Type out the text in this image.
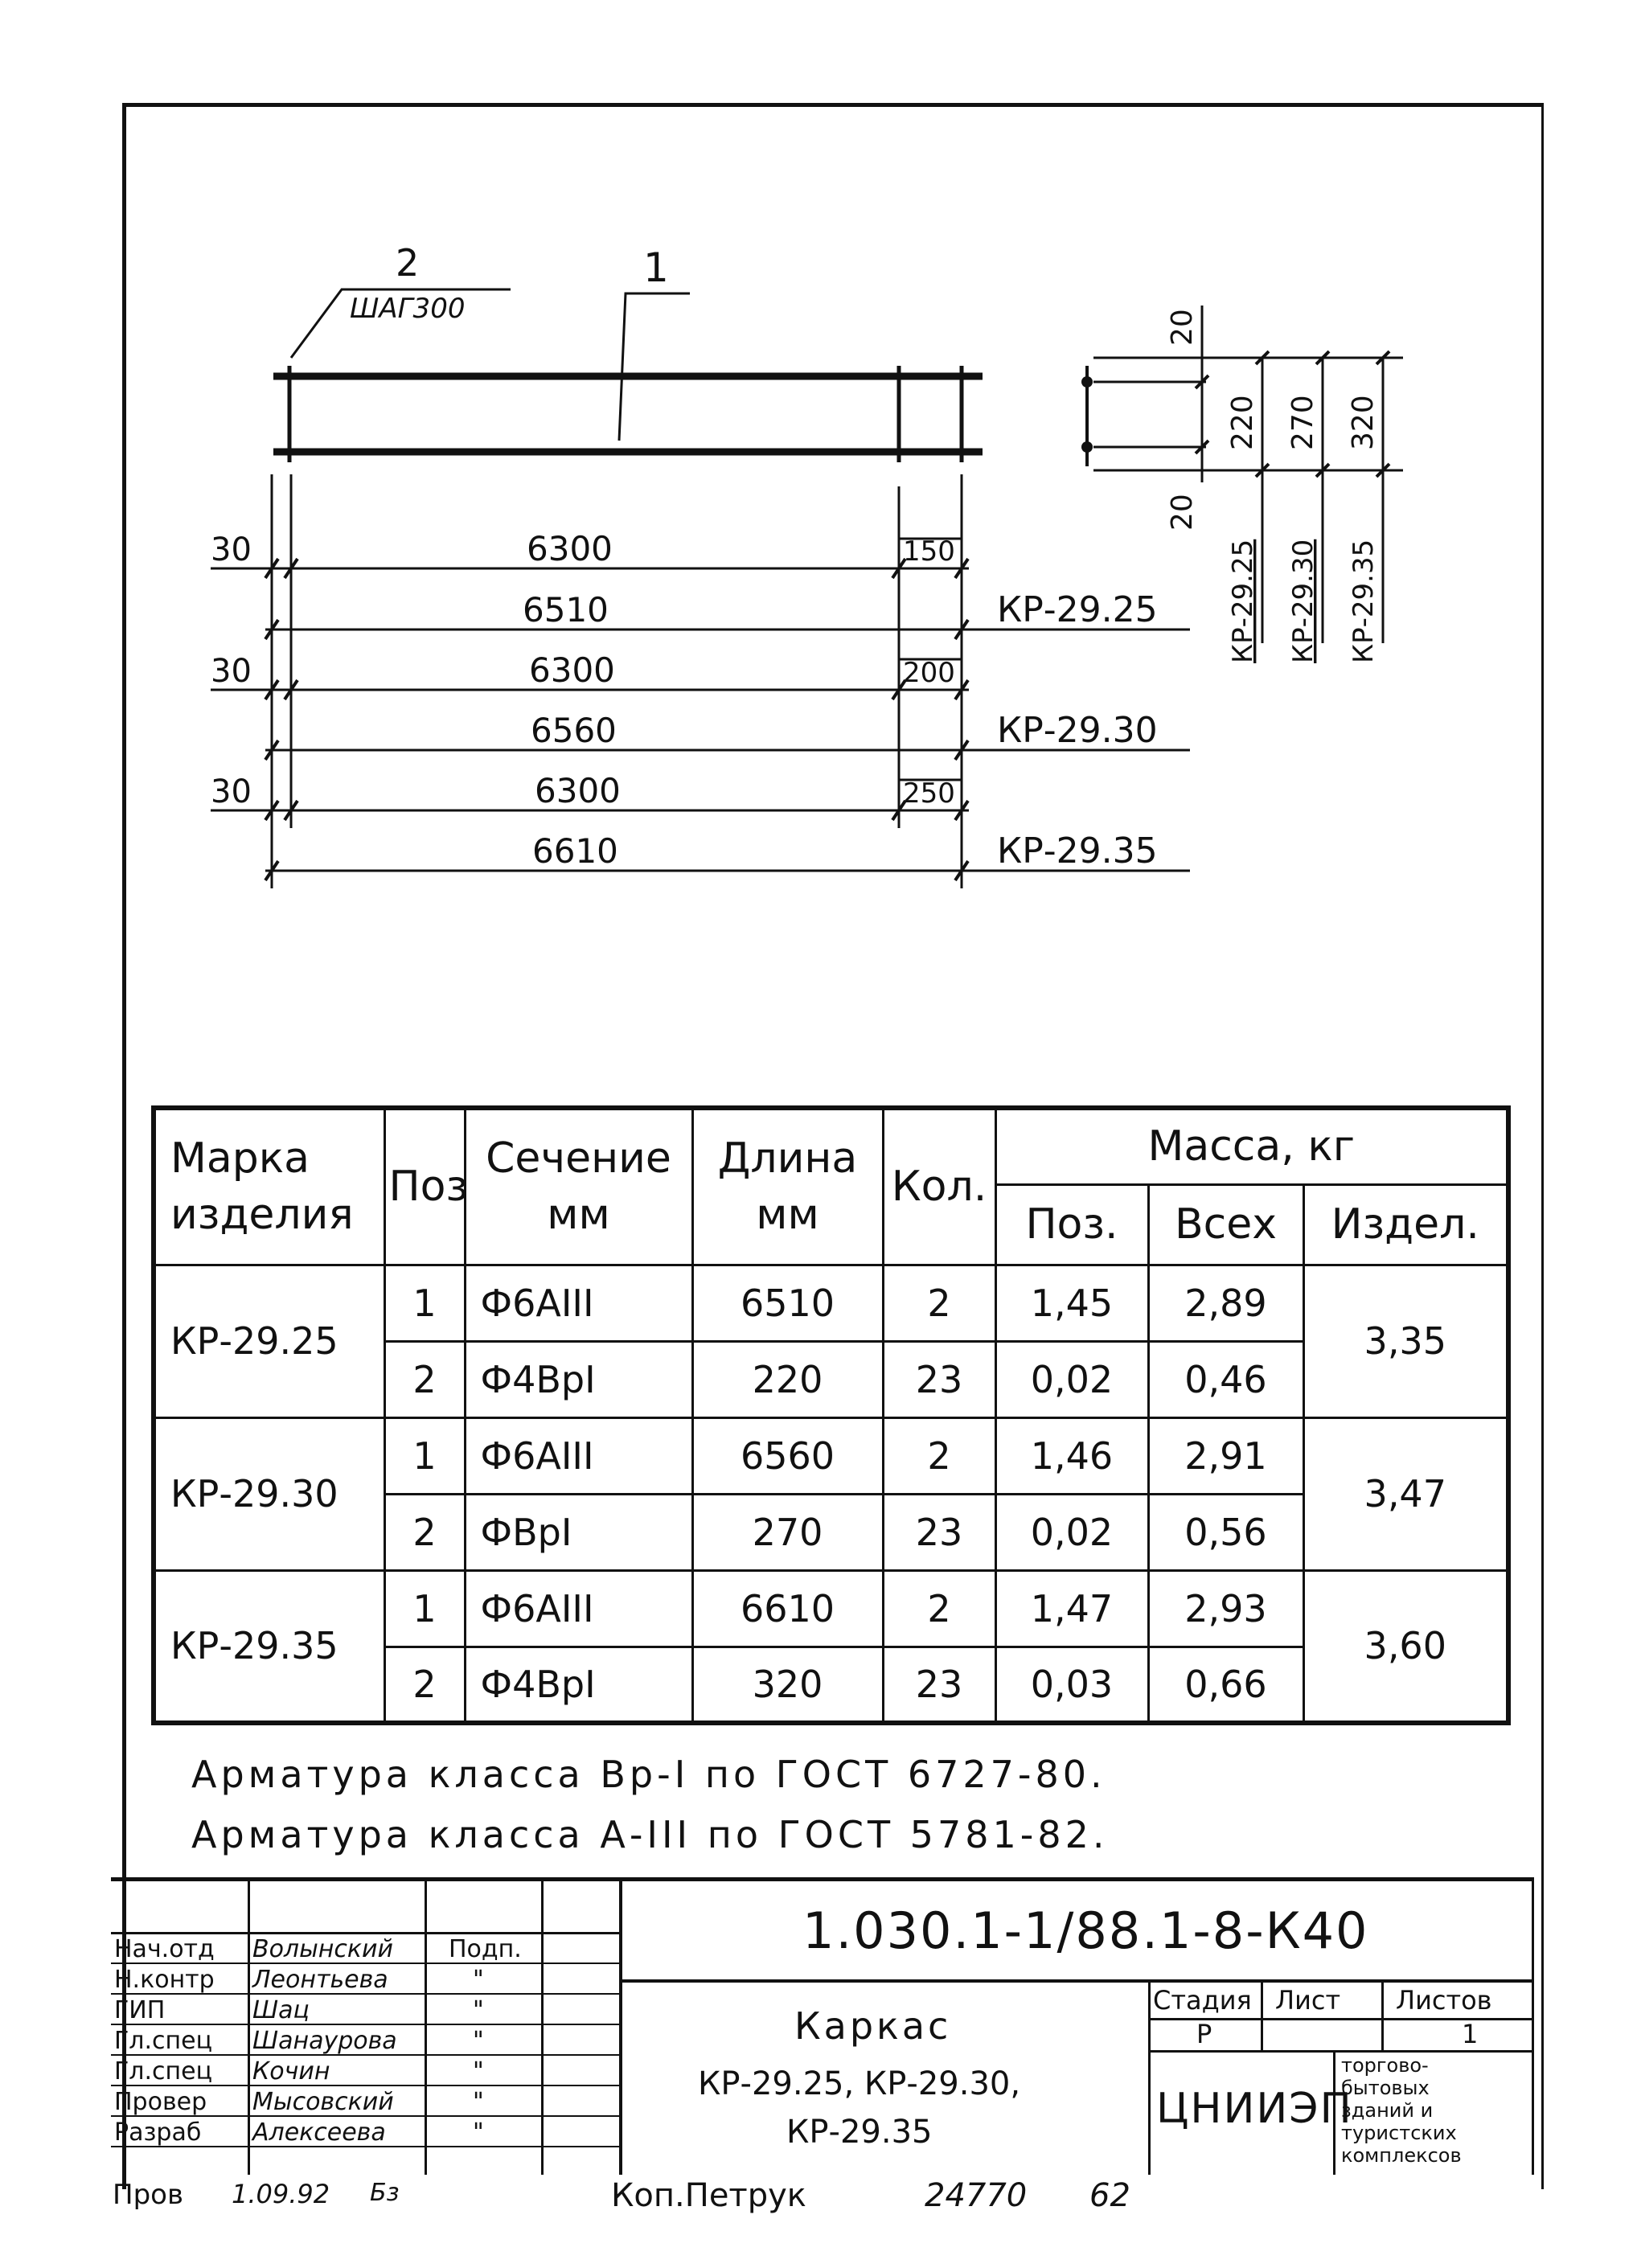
2
ШАГ300
1
30	6300	150
6510	КР-29.25
30	6300	200
6560	КР-29.30
30	6300	250
6610	КР-29.35
20
20
220 270 320
КР-29.25 КР-29.30 КР-29.35
Марка изделия	Поз	Сечение мм	Длина мм	Кол.	Масса, кг		
					Поз.	Всех	Издел.
КР-29.25	1	Ф6АIII	6510	2	1,45	2,89	3,35
	2	Ф4ВрI	220	23	0,02	0,46	
КР-29.30	1	Ф6АIII	6560	2	1,46	2,91	3,47
	2	ФВрI	270	23	0,02	0,56	
КР-29.35	1	Ф6АIII	6610	2	1,47	2,93	3,60
	2	Ф4ВрI	320	23	0,03	0,66	
Арматура класса Вр-I по ГОСТ 6727-80.
Арматура класса А-III по ГОСТ 5781-82.
Нач.отд Волынский Подп.
Н.контр Леонтьева	"
ГИП	Шац	"
Гл.спец Шанаурова	"
Гл.спец Кочин	"
Провер Мысовский	"
Разраб Алексеева	"
1.030.1-1/88.1-8-К40
Каркас
КР-29.25, КР-29.30,
КР-29.35
Стадия Лист Листов
Р	1
ЦНИИЭП
торгово-
бытовых
зданий и
туристских
комплексов
Пров 1.09.92 Бз	Коп.Петрук	24770 62
